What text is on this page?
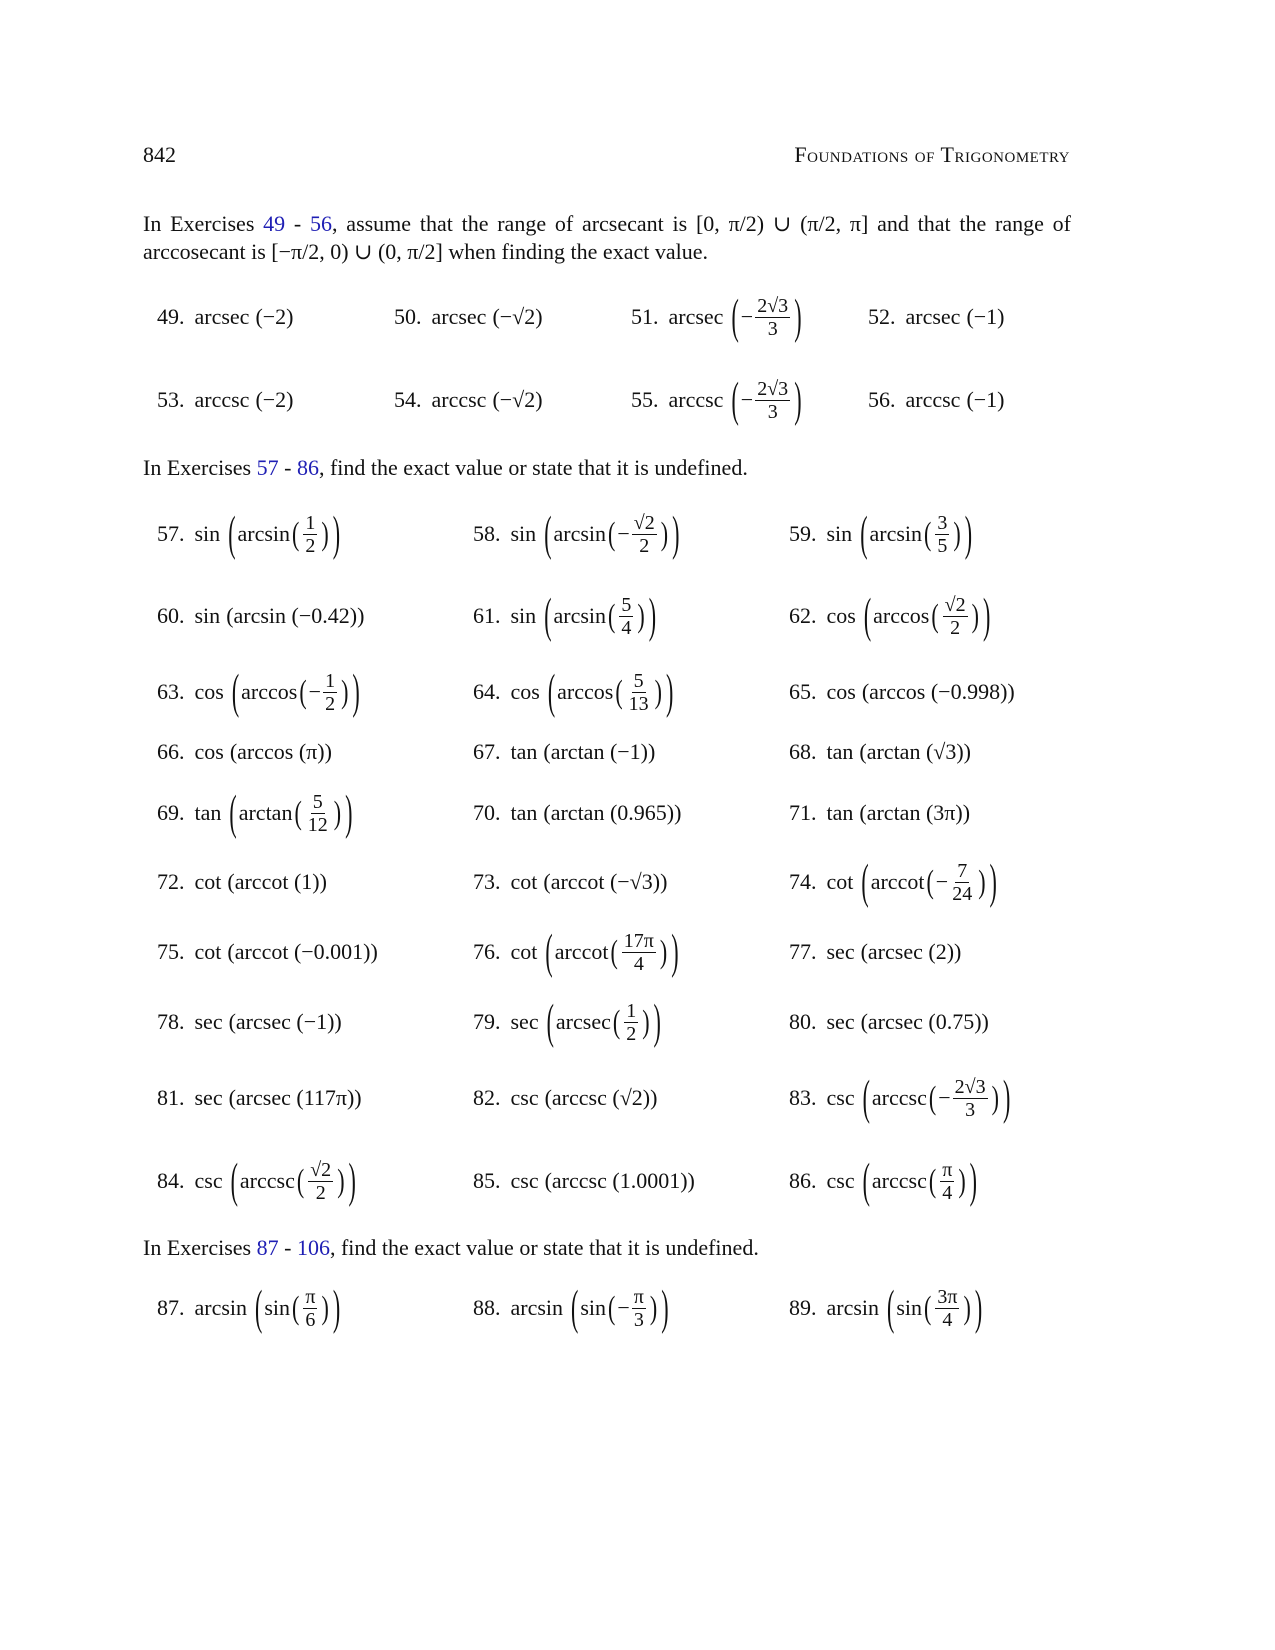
842	Foundations of Trigonometry
In Exercises 49 - 56, assume that the range of arcsecant is [0, π/2) ∪ (π/2, π] and that the range of arccosecant is [−π/2, 0) ∪ (0, π/2] when finding the exact value.
In Exercises 57 - 86, find the exact value or state that it is undefined.
In Exercises 87 - 106, find the exact value or state that it is undefined.
49. arcsec (−2)	50. arcsec (−√2)	51. arcsec ( − $\frac{2√3}{3}$ )	52. arcsec (−1)
53. arccsc (−2)	54. arccsc (−√2)	55. arccsc ( − $\frac{2√3}{3}$ )	56. arccsc (−1)
57. sin ( arcsin ( $\frac{1}{2}$ ) )	58. sin ( arcsin ( − $\frac{√2}{2}$ ) )	59. sin ( arcsin ( $\frac{3}{5}$ ) )
60. sin (arcsin (−0.42))	61. sin ( arcsin ( $\frac{5}{4}$ ) )	62. cos ( arccos ( $\frac{√2}{2}$ ) )
63. cos ( arccos ( − $\frac{1}{2}$ ) )	64. cos ( arccos ( $\frac{5}{13}$ ) )	65. cos (arccos (−0.998))
66. cos (arccos (π))	67. tan (arctan (−1))	68. tan (arctan (√3))
69. tan ( arctan ( $\frac{5}{12}$ ) )	70. tan (arctan (0.965))	71. tan (arctan (3π))
72. cot (arccot (1))	73. cot (arccot (−√3))	74. cot ( arccot ( − $\frac{7}{24}$ ) )
75. cot (arccot (−0.001))	76. cot ( arccot ( $\frac{17\pi}{4}$ ) )	77. sec (arcsec (2))
78. sec (arcsec (−1))	79. sec ( arcsec ( $\frac{1}{2}$ ) )	80. sec (arcsec (0.75))
81. sec (arcsec (117π))	82. csc (arccsc (√2))	83. csc ( arccsc ( − $\frac{2√3}{3}$ ) )
84. csc ( arccsc ( $\frac{√2}{2}$ ) )	85. csc (arccsc (1.0001))	86. csc ( arccsc ( $\frac{\pi}{4}$ ) )
87. arcsin ( sin ( $\frac{\pi}{6}$ ) )	88. arcsin ( sin ( − $\frac{\pi}{3}$ ) )	89. arcsin ( sin ( $\frac{3\pi}{4}$ ) )
